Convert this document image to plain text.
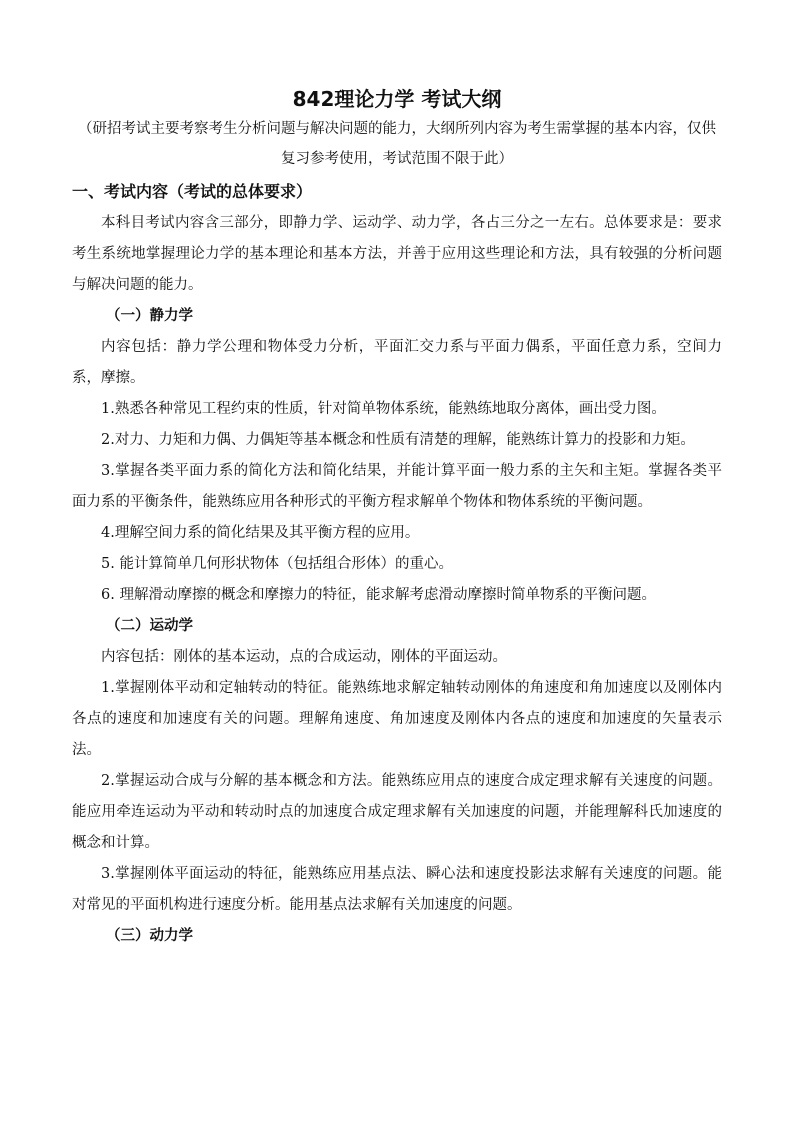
842理论力学 考试大纲

（研招考试主要考察考生分析问题与解决问题的能力，大纲所列内容为考生需掌握的基本内容，仅供复习参考使用，考试范围不限于此）

一、考试内容（考试的总体要求）

本科目考试内容含三部分，即静力学、运动学、动力学，各占三分之一左右。总体要求是：要求考生系统地掌握理论力学的基本理论和基本方法，并善于应用这些理论和方法，具有较强的分析问题与解决问题的能力。

（一）静力学

内容包括：静力学公理和物体受力分析，平面汇交力系与平面力偶系，平面任意力系，空间力系，摩擦。

1.熟悉各种常见工程约束的性质，针对简单物体系统，能熟练地取分离体，画出受力图。

2.对力、力矩和力偶、力偶矩等基本概念和性质有清楚的理解，能熟练计算力的投影和力矩。

3.掌握各类平面力系的简化方法和简化结果，并能计算平面一般力系的主矢和主矩。掌握各类平面力系的平衡条件，能熟练应用各种形式的平衡方程求解单个物体和物体系统的平衡问题。

4.理解空间力系的简化结果及其平衡方程的应用。

5. 能计算简单几何形状物体（包括组合形体）的重心。

6. 理解滑动摩擦的概念和摩擦力的特征，能求解考虑滑动摩擦时简单物系的平衡问题。

（二）运动学

内容包括：刚体的基本运动，点的合成运动，刚体的平面运动。

1.掌握刚体平动和定轴转动的特征。能熟练地求解定轴转动刚体的角速度和角加速度以及刚体内各点的速度和加速度有关的问题。理解角速度、角加速度及刚体内各点的速度和加速度的矢量表示法。

2.掌握运动合成与分解的基本概念和方法。能熟练应用点的速度合成定理求解有关速度的问题。能应用牵连运动为平动和转动时点的加速度合成定理求解有关加速度的问题，并能理解科氏加速度的概念和计算。

3.掌握刚体平面运动的特征，能熟练应用基点法、瞬心法和速度投影法求解有关速度的问题。能对常见的平面机构进行速度分析。能用基点法求解有关加速度的问题。

（三）动力学
